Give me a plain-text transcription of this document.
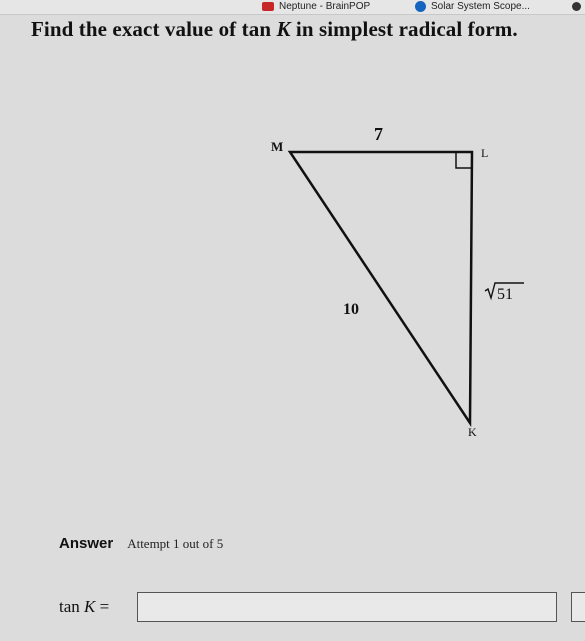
Neptune - BrainPOP	Solar System Scope...
Find the exact value of tan K in simplest radical form.
M	L
K
7
10
51
Answer Attempt 1 out of 5
tan K =
